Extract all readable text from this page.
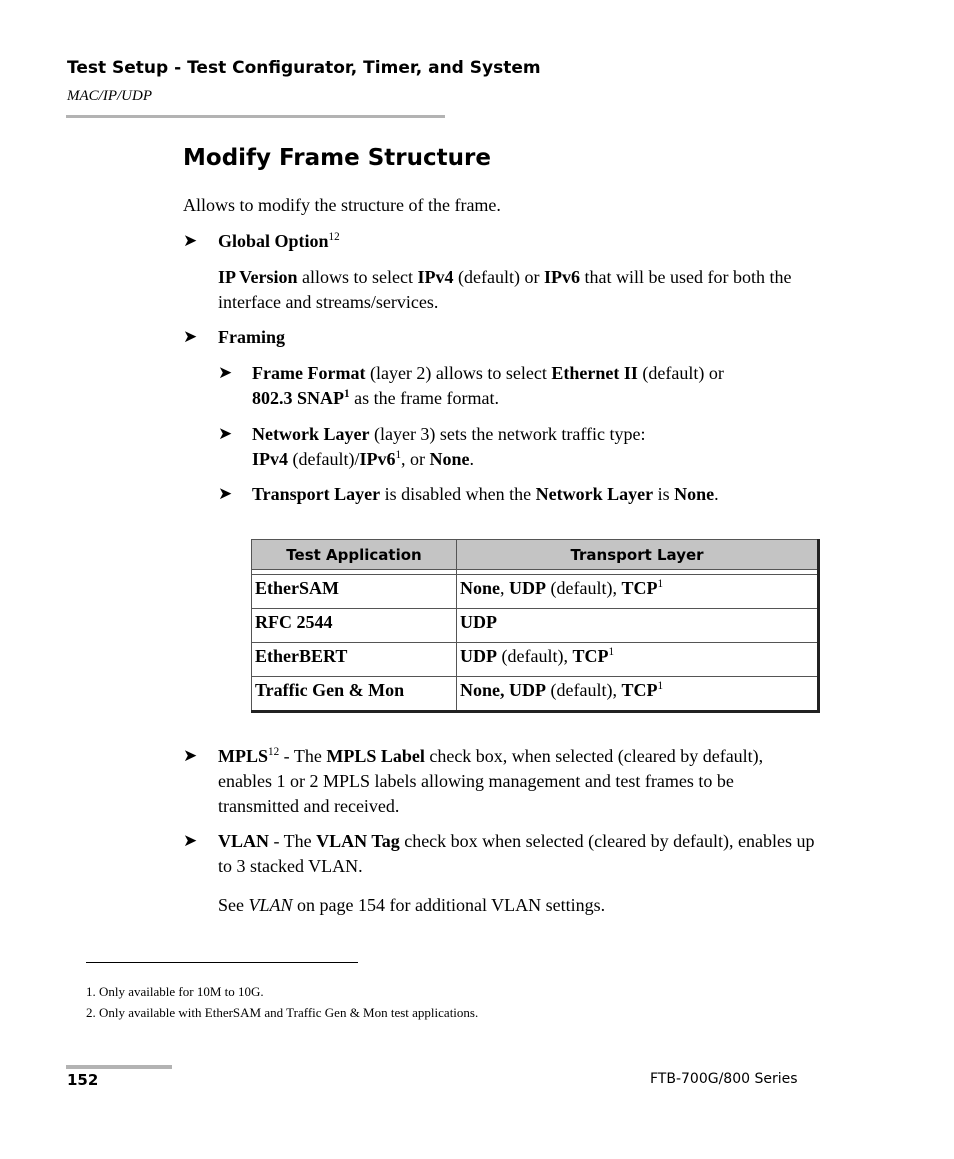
Test Setup - Test Configurator, Timer, and System
MAC/IP/UDP
Modify Frame Structure
Allows to modify the structure of the frame.
➤ Global Option$^{12}$
IP Version allows to select IPv4 (default) or IPv6 that will be used for both the interface and streams/services.
➤ Framing
➤ Frame Format (layer 2) allows to select Ethernet II (default) or
802.3 SNAP$^1$ as the frame format.
➤ Network Layer (layer 3) sets the network traffic type:
IPv4 $(default)/IPv6^1$, or None.
➤ Transport Layer is disabled when the Network Layer is None.
Test Application	Transport Layer

EtherSAM	None, UDP (default), TCP$^1$
RFC 2544	UDP
EtherBERT	UDP (default), TCP$^1$
Traffic Gen & Mon	None, UDP (default), TCP$^1$
➤ MPLS$^{12}$ - The MPLS Label check box, when selected (cleared by default), enables 1 or 2 MPLS labels allowing management and test frames to be transmitted and received.
➤ VLAN - The VLAN Tag check box when selected (cleared by default), enables up to 3 stacked VLAN.
See VLAN on page 154 for additional VLAN settings.
1. Only available for 10M to 10G.
2. Only available with EtherSAM and Traffic Gen & Mon test applications.
152	FTB-700G/800 Series
